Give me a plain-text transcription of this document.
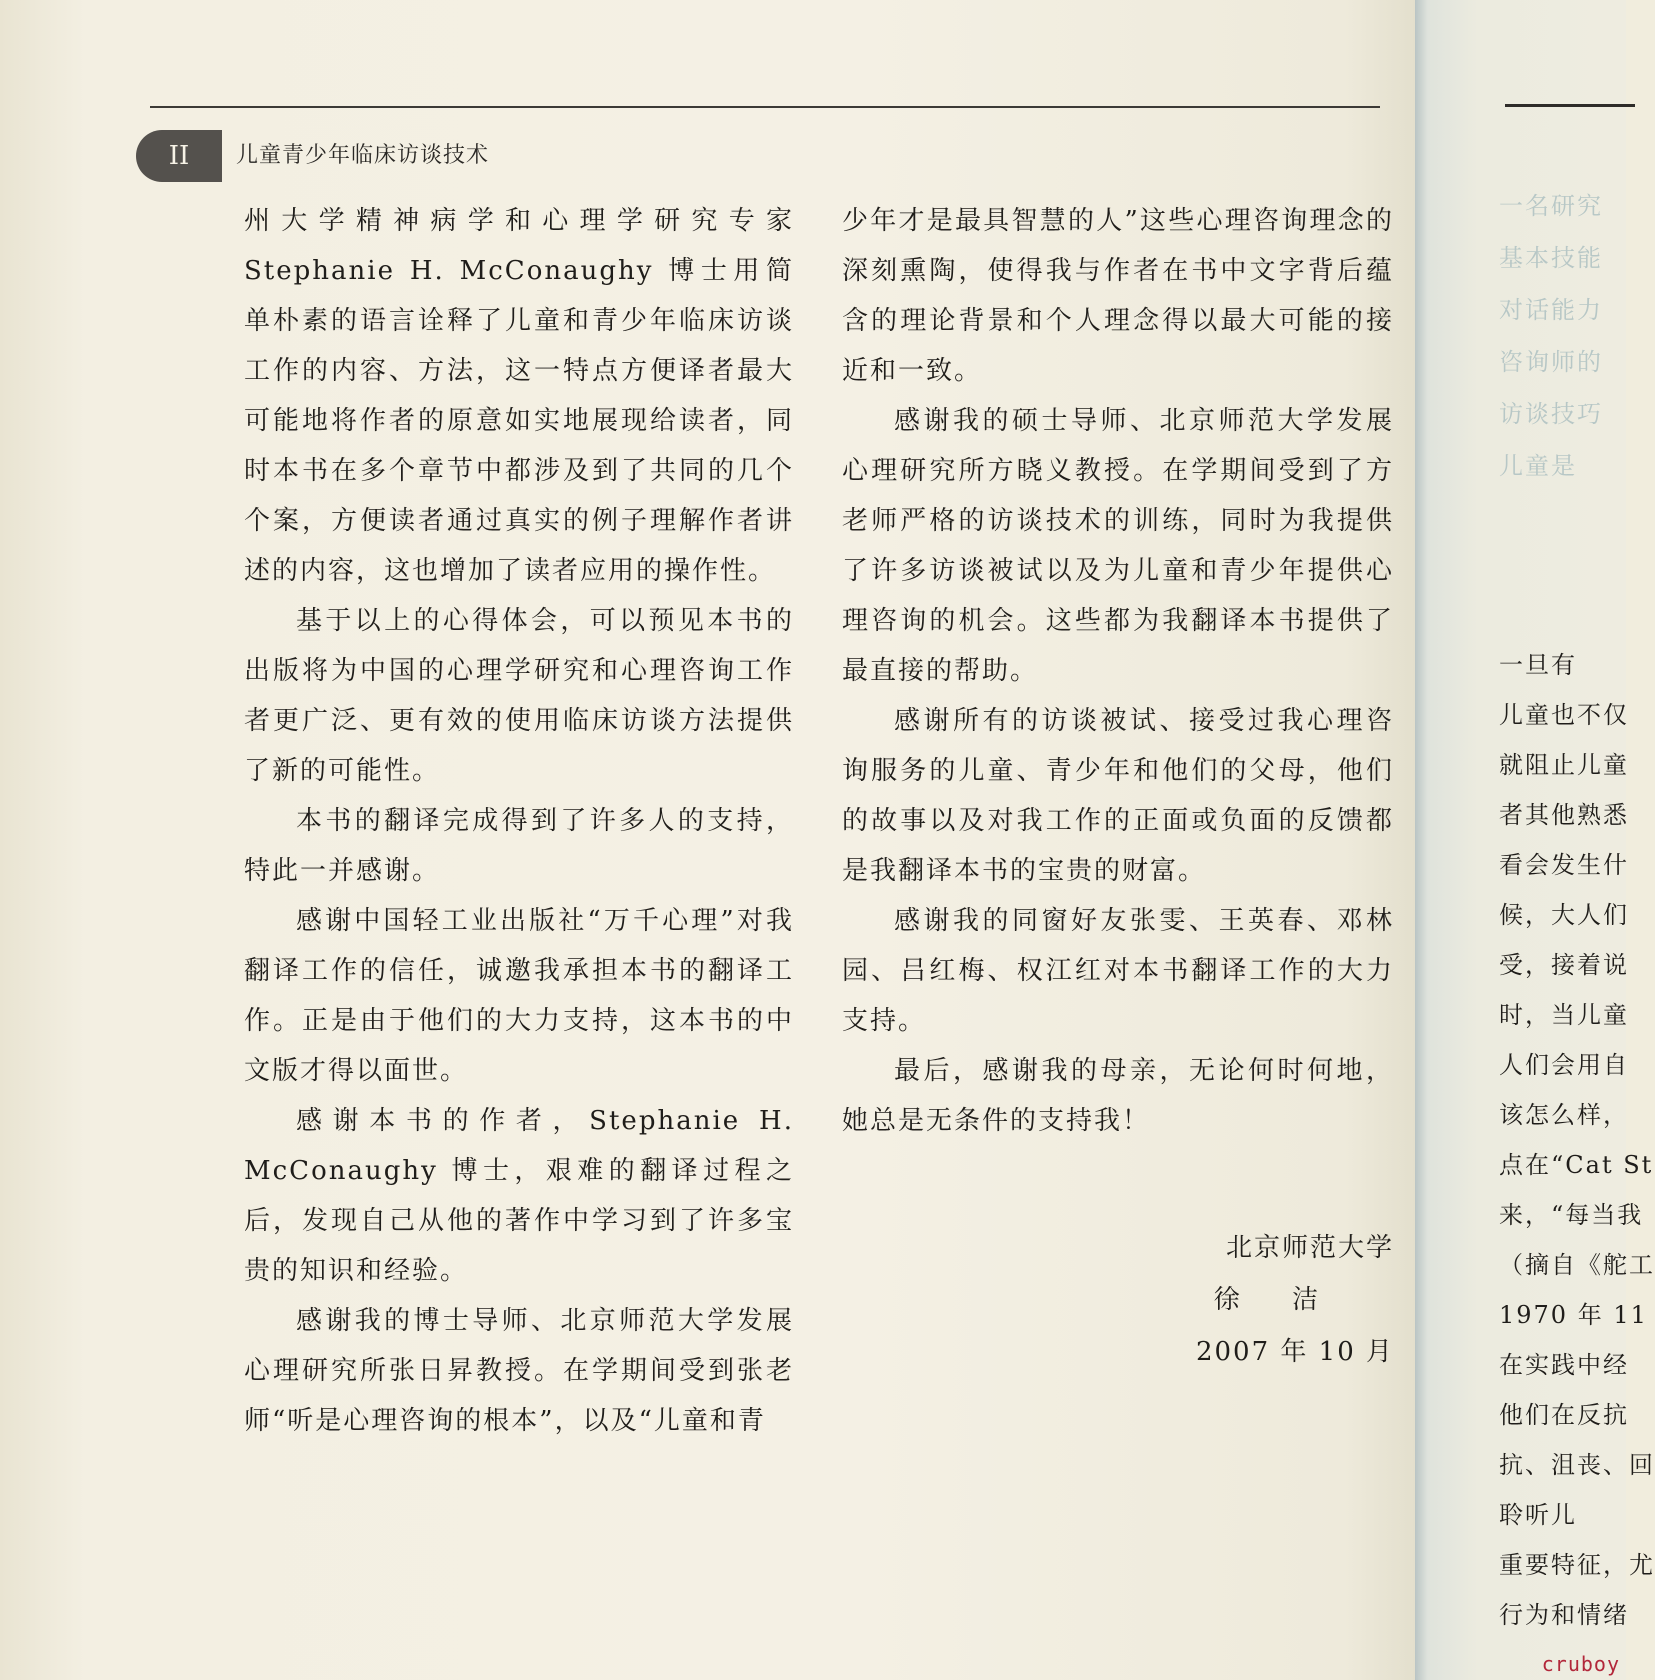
II	儿童青少年临床访谈技术

州大学精神病学和心理学研究专家 Stephanie H. McConaughy 博士用简单朴素的语言诠释了儿童和青少年临床访谈工作的内容、方法，这一特点方便译者最大可能地将作者的原意如实地展现给读者，同时本书在多个章节中都涉及到了共同的几个个案，方便读者通过真实的例子理解作者讲述的内容，这也增加了读者应用的操作性。

基于以上的心得体会，可以预见本书的出版将为中国的心理学研究和心理咨询工作者更广泛、更有效的使用临床访谈方法提供了新的可能性。

本书的翻译完成得到了许多人的支持，特此一并感谢。

感谢中国轻工业出版社“万千心理”对我翻译工作的信任，诚邀我承担本书的翻译工作。正是由于他们的大力支持，这本书的中文版才得以面世。

感谢本书的作者，Stephanie H. McConaughy 博士，艰难的翻译过程之后，发现自己从他的著作中学习到了许多宝贵的知识和经验。

感谢我的博士导师、北京师范大学发展心理研究所张日昇教授。在学期间受到张老师“听是心理咨询的根本”，以及“儿童和青

少年才是最具智慧的人”这些心理咨询理念的深刻熏陶，使得我与作者在书中文字背后蕴含的理论背景和个人理念得以最大可能的接近和一致。

感谢我的硕士导师、北京师范大学发展心理研究所方晓义教授。在学期间受到了方老师严格的访谈技术的训练，同时为我提供了许多访谈被试以及为儿童和青少年提供心理咨询的机会。这些都为我翻译本书提供了最直接的帮助。

感谢所有的访谈被试、接受过我心理咨询服务的儿童、青少年和他们的父母，他们的故事以及对我工作的正面或负面的反馈都是我翻译本书的宝贵的财富。

感谢我的同窗好友张雯、王英春、邓林园、吕红梅、权江红对本书翻译工作的大力支持。

最后，感谢我的母亲，无论何时何地，她总是无条件的支持我！

北京师范大学
徐 洁
2007 年 10 月
一名研究
基本技能
对话能力
咨询师的
访谈技巧
儿童是
一旦有
儿童也不仅
就阻止儿童
者其他熟悉
看会发生什
候，大人们
受，接着说
时，当儿童
人们会用自
该怎么样，
点在“Cat St
来，“每当我
（摘自《舵工
1970 年 11
在实践中经
他们在反抗
抗、沮丧、回
聆听儿
重要特征，尤
行为和情绪
cruboy
